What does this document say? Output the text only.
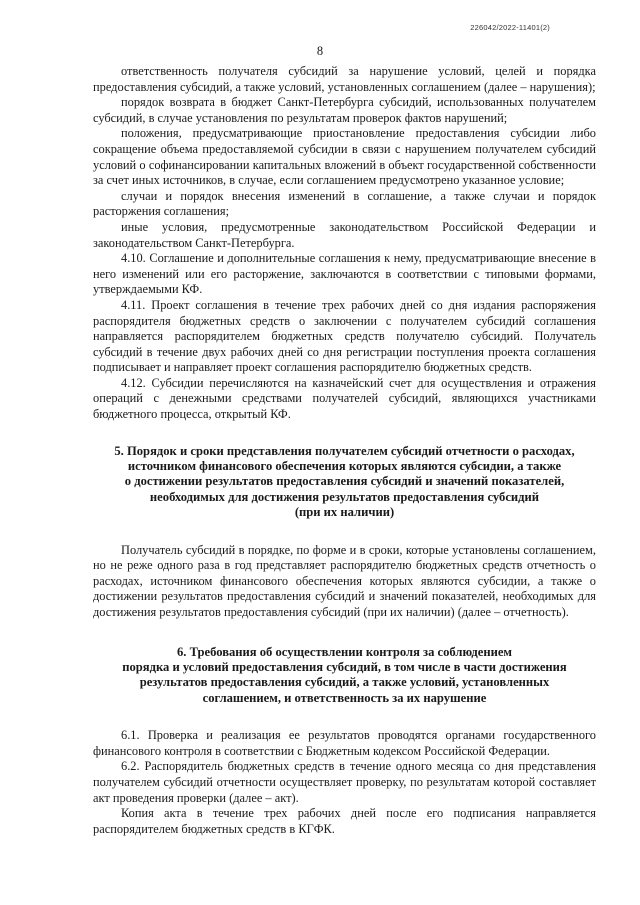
226042/2022-11401(2)
8

ответственность получателя субсидий за нарушение условий, целей и порядка предоставления субсидий, а также условий, установленных соглашением (далее – нарушения);

порядок возврата в бюджет Санкт-Петербурга субсидий, использованных получателем субсидий, в случае установления по результатам проверок фактов нарушений;

положения, предусматривающие приостановление предоставления субсидии либо сокращение объема предоставляемой субсидии в связи с нарушением получателем субсидий условий о софинансировании капитальных вложений в объект государственной собственности за счет иных источников, в случае, если соглашением предусмотрено указанное условие;

случаи и порядок внесения изменений в соглашение, а также случаи и порядок расторжения соглашения;

иные условия, предусмотренные законодательством Российской Федерации и законодательством Санкт-Петербурга.

4.10. Соглашение и дополнительные соглашения к нему, предусматривающие внесение в него изменений или его расторжение, заключаются в соответствии с типовыми формами, утверждаемыми КФ.

4.11. Проект соглашения в течение трех рабочих дней со дня издания распоряжения распорядителя бюджетных средств о заключении с получателем субсидий соглашения направляется распорядителем бюджетных средств получателю субсидий. Получатель субсидий в течение двух рабочих дней со дня регистрации поступления проекта соглашения подписывает и направляет проект соглашения распорядителю бюджетных средств.

4.12. Субсидии перечисляются на казначейский счет для осуществления и отражения операций с денежными средствами получателей субсидий, являющихся участниками бюджетного процесса, открытый КФ.

5. Порядок и сроки представления получателем субсидий отчетности о расходах,
источником финансового обеспечения которых являются субсидии, а также
о достижении результатов предоставления субсидий и значений показателей,
необходимых для достижения результатов предоставления субсидий
(при их наличии)

Получатель субсидий в порядке, по форме и в сроки, которые установлены соглашением, но не реже одного раза в год представляет распорядителю бюджетных средств отчетность о расходах, источником финансового обеспечения которых являются субсидии, а также о достижении результатов предоставления субсидий и значений показателей, необходимых для достижения результатов предоставления субсидий (при их наличии) (далее – отчетность).

6. Требования об осуществлении контроля за соблюдением
порядка и условий предоставления субсидий, в том числе в части достижения
результатов предоставления субсидий, а также условий, установленных
соглашением, и ответственность за их нарушение

6.1. Проверка и реализация ее результатов проводятся органами государственного финансового контроля в соответствии с Бюджетным кодексом Российской Федерации.

6.2. Распорядитель бюджетных средств в течение одного месяца со дня представления получателем субсидий отчетности осуществляет проверку, по результатам которой составляет акт проведения проверки (далее – акт).

Копия акта в течение трех рабочих дней после его подписания направляется распорядителем бюджетных средств в КГФК.
